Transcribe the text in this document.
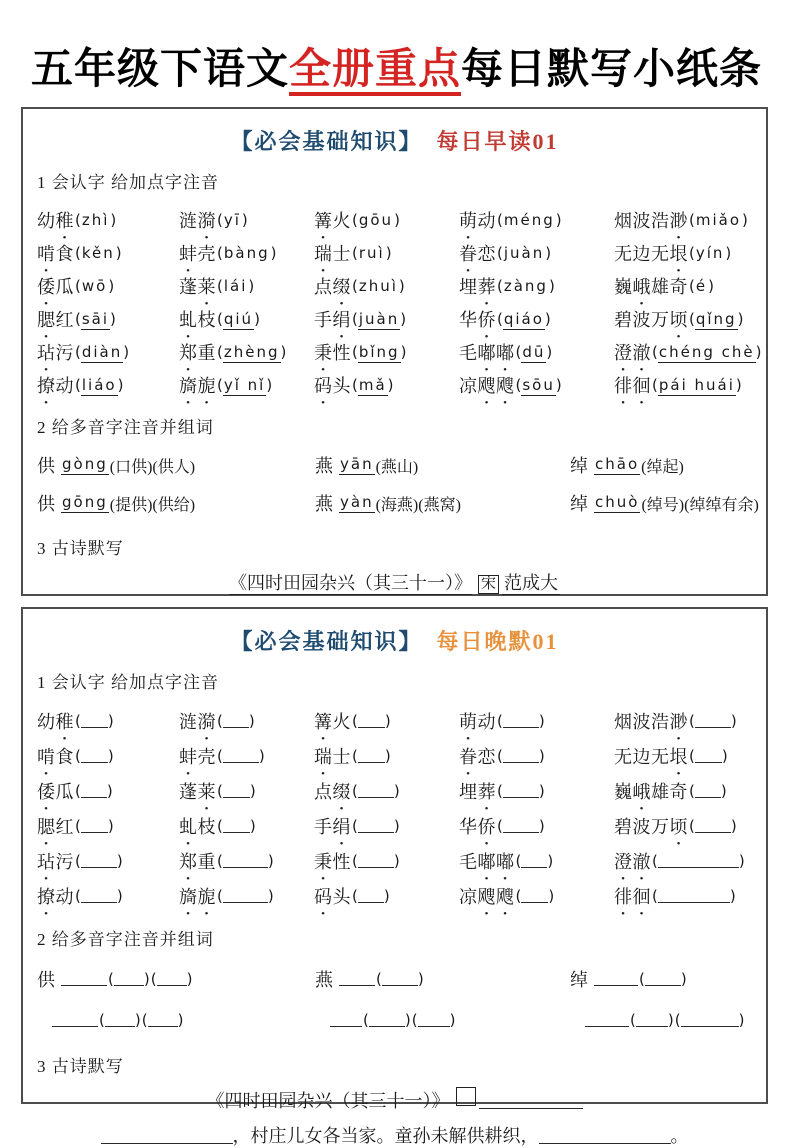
五年级下语文全册重点每日默写小纸条
【必会基础知识】 每日早读01
1 会认字 给加点字注音
幼稚 (zhì)	涟漪 (yī)	篝火 (gōu)	萌动 (méng)	烟波浩渺 (miǎo)
啃食 (kěn)	蚌壳 (bàng) 瑞士 (ruì)	眷恋 (juàn)	无边无垠 (yín)
倭瓜 (wō)	蓬莱 (lái)	点缀 (zhuì)	埋葬 (zàng)	巍峨雄奇 (é)
腮红 (sāi)	虬枝 (qiú)	手绢 (juàn)	华侨 (qiáo)	碧波万顷 (qǐng)
玷污 (diàn)	郑重 (zhèng) 秉性 (bǐng)	毛嘟嘟 (dū)	澄澈 (chéng chè)
撩动 (liáo)	旖旎 (yǐ nǐ) 码头 (mǎ)	凉飕飕 (sōu)	徘徊 (pái huái)
2 给多音字注音并组词
供 gòng (口供)(供人)	燕 yān (燕山)	绰 chāo (绰起)
供 gōng (提供)(供给)	燕 yàn (海燕)(燕窝)	绰 chuò (绰号)(绰绰有余)
3 古诗默写
《四时田园杂兴（其三十一）》 宋 范成大
【必会基础知识】 每日晚默01
1 会认字 给加点字注音
幼稚 ( )	涟漪 ( )	篝火 ( )	萌动 ( )	烟波浩渺 ( )
啃食 ( )	蚌壳 ( )	瑞士 ( )	眷恋 ( )	无边无垠 ( )
倭瓜 ( )	蓬莱 ( )	点缀 ( )	埋葬 ( )	巍峨雄奇 ( )
腮红 ( )	虬枝 ( )	手绢 ( )	华侨 ( )	碧波万顷 ( )
玷污 ( )	郑重 (	) 秉性 ( )	毛嘟嘟 ( )	澄澈 (	)
撩动 ( )	旖旎 (	) 码头 ( )	凉飕飕 ( )	徘徊 (	)
2 给多音字注音并组词
供	( ) ( )	燕	( )	绰	( )
( ) ( )	( ) ( )	( ) (	)
3 古诗默写
《四时田园杂兴（其三十一）》
，村庄儿女各当家。童孙未解供耕织，	。
